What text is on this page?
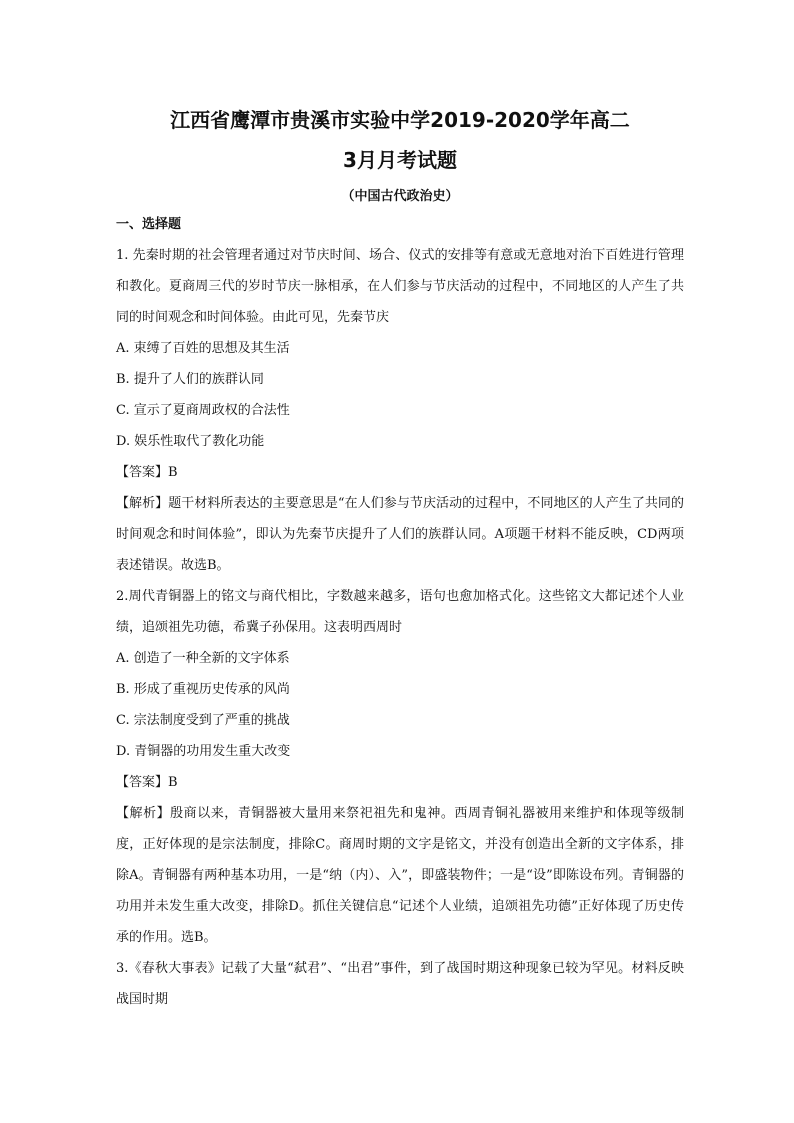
江西省鹰潭市贵溪市实验中学2019-2020学年高二
3月月考试题
（中国古代政治史）
一、选择题

1. 先秦时期的社会管理者通过对节庆时间、场合、仪式的安排等有意或无意地对治下百姓进行管理和教化。夏商周三代的岁时节庆一脉相承，在人们参与节庆活动的过程中，不同地区的人产生了共同的时间观念和时间体验。由此可见，先秦节庆

A. 束缚了百姓的思想及其生活

B. 提升了人们的族群认同

C. 宣示了夏商周政权的合法性

D. 娱乐性取代了教化功能

【答案】B

【解析】题干材料所表达的主要意思是“在人们参与节庆活动的过程中，不同地区的人产生了共同的时间观念和时间体验”，即认为先秦节庆提升了人们的族群认同。A项题干材料不能反映，CD两项表述错误。故选B。

2.周代青铜器上的铭文与商代相比，字数越来越多，语句也愈加格式化。这些铭文大都记述个人业绩，追颂祖先功德，希冀子孙保用。这表明西周时

A. 创造了一种全新的文字体系

B. 形成了重视历史传承的风尚

C. 宗法制度受到了严重的挑战

D. 青铜器的功用发生重大改变

【答案】B

【解析】殷商以来，青铜器被大量用来祭祀祖先和鬼神。西周青铜礼器被用来维护和体现等级制度，正好体现的是宗法制度，排除C。商周时期的文字是铭文，并没有创造出全新的文字体系，排除A。青铜器有两种基本功用，一是“纳（内）、入”，即盛装物件；一是“设”即陈设布列。青铜器的功用并未发生重大改变，排除D。抓住关键信息“记述个人业绩，追颂祖先功德”正好体现了历史传承的作用。选B。

3.《春秋大事表》记载了大量“弑君”、“出君”事件，到了战国时期这种现象已较为罕见。材料反映战国时期
